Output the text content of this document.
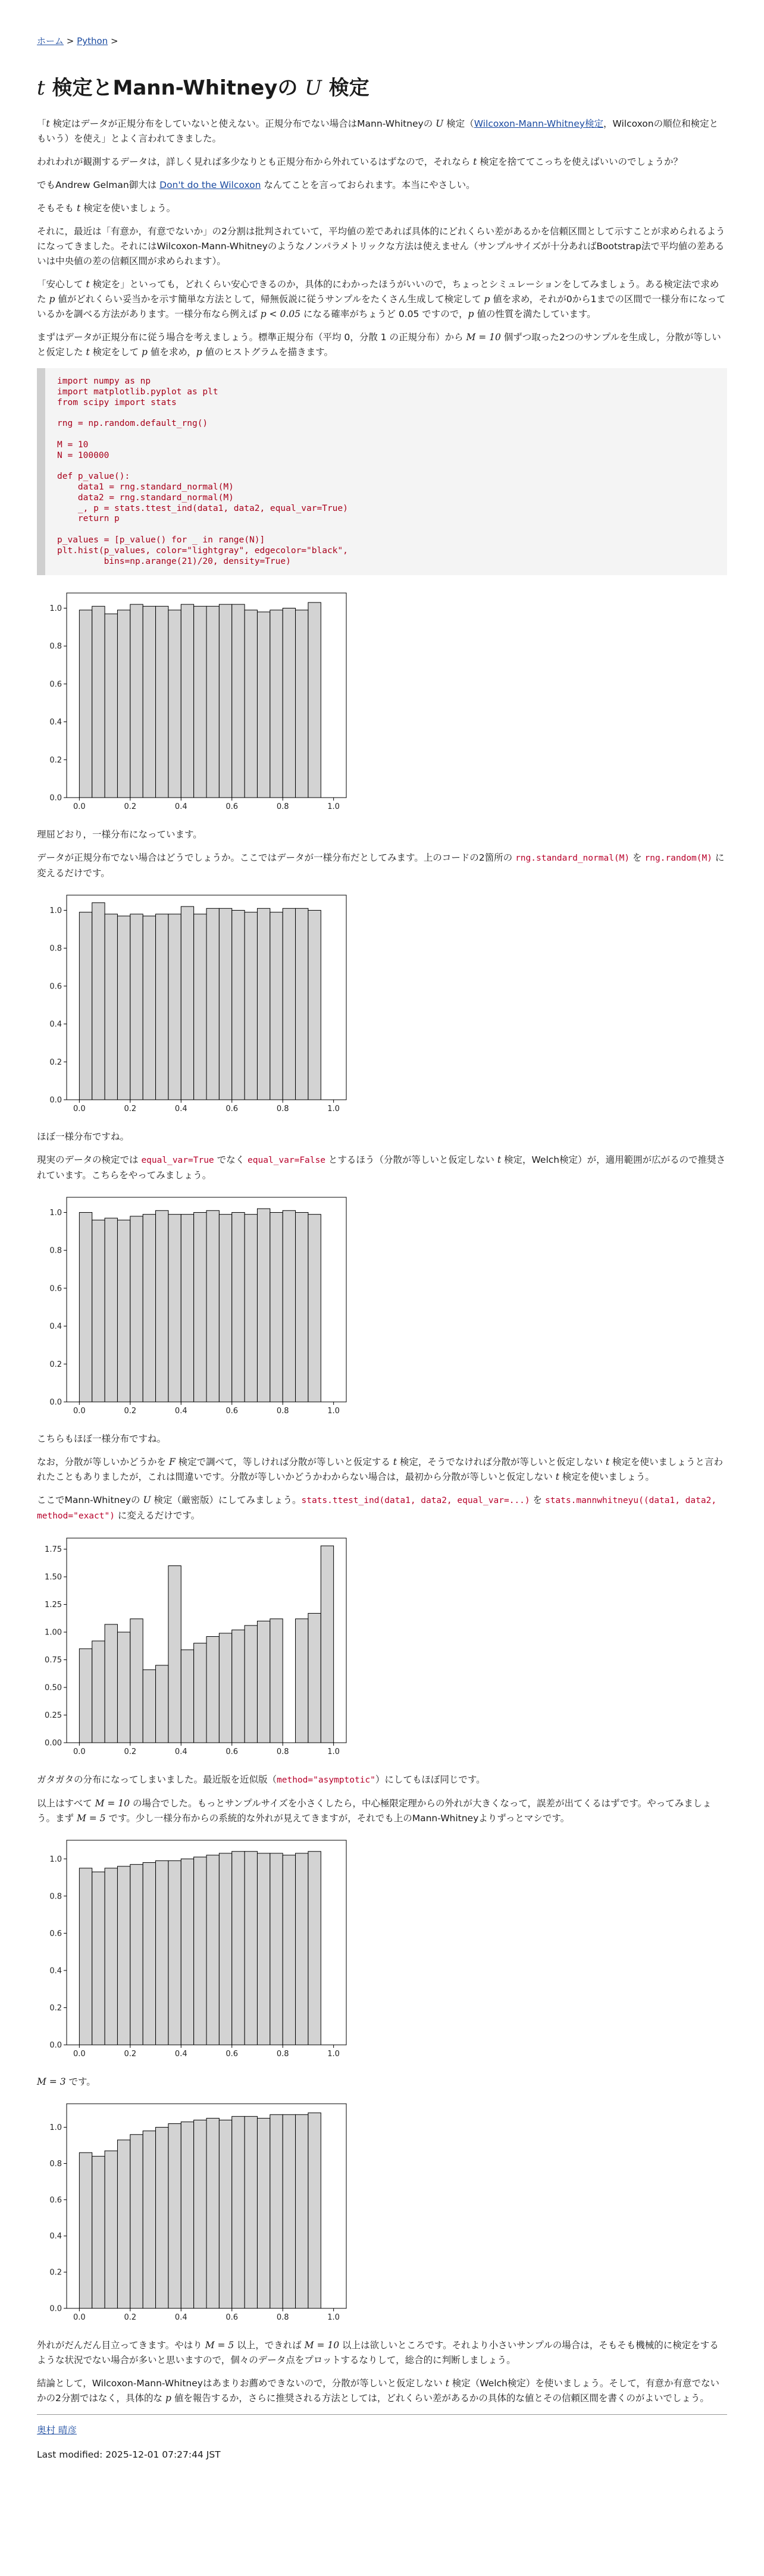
ホーム > Python >
t 検定とMann-Whitneyの U 検定

「t 検定はデータが正規分布をしていないと使えない。正規分布でない場合はMann-Whitneyの U 検定（Wilcoxon-Mann-Whitney検定，Wilcoxonの順位和検定ともいう）を使え」とよく言われてきました。

われわれが観測するデータは，詳しく見れば多少なりとも正規分布から外れているはずなので，それなら t 検定を捨ててこっちを使えばいいのでしょうか？

でもAndrew Gelman御大は Don't do the Wilcoxon なんてことを言っておられます。本当にやさしい。

そもそも t 検定を使いましょう。

それに，最近は「有意か，有意でないか」の2分割は批判されていて，平均値の差であれば具体的にどれくらい差があるかを信頼区間として示すことが求められるようになってきました。それにはWilcoxon-Mann-Whitneyのようなノンパラメトリックな方法は使えません（サンプルサイズが十分あればBootstrap法で平均値の差あるいは中央値の差の信頼区間が求められます）。

「安心して t 検定を」といっても，どれくらい安心できるのか，具体的にわかったほうがいいので，ちょっとシミュレーションをしてみましょう。ある検定法で求めた p 値がどれくらい妥当かを示す簡単な方法として，帰無仮説に従うサンプルをたくさん生成して検定して p 値を求め，それが0から1までの区間で一様分布になっているかを調べる方法があります。一様分布なら例えば p < 0.05 になる確率がちょうど 0.05 ですので，p 値の性質を満たしています。

まずはデータが正規分布に従う場合を考えましょう。標準正規分布（平均 0，分散 1 の正規分布）から M = 10 個ずつ取った2つのサンプルを生成し，分散が等しいと仮定した t 検定をして p 値を求め，p 値のヒストグラムを描きます。

import numpy as np
import matplotlib.pyplot as plt
from scipy import stats

rng = np.random.default_rng()

M = 10
N = 100000

def p_value():
data1 = rng.standard_normal(M)
data2 = rng.standard_normal(M)
_, p = stats.ttest_ind(data1, data2, equal_var=True)
return p

p_values = [p_value() for _ in range(N)]
plt.hist(p_values, color="lightgray", edgecolor="black",
bins=np.arange(21)/20, density=True)
0.0	0.2	0.4	0.6	0.8	1.0
0.0
0.2
0.4
0.6
0.8
1.0

理屈どおり，一様分布になっています。

データが正規分布でない場合はどうでしょうか。ここではデータが一様分布だとしてみます。上のコードの2箇所の rng.standard_normal(M) を rng.random(M) に変えるだけです。

0.0	0.2	0.4	0.6	0.8	1.0
0.0
0.2
0.4
0.6
0.8
1.0

ほぼ一様分布ですね。

現実のデータの検定では equal_var=True でなく equal_var=False とするほう（分散が等しいと仮定しない t 検定，Welch検定）が，適用範囲が広がるので推奨されています。こちらをやってみましょう。

0.0	0.2	0.4	0.6	0.8	1.0
0.0
0.2
0.4
0.6
0.8
1.0

こちらもほぼ一様分布ですね。

なお，分散が等しいかどうかを F 検定で調べて，等しければ分散が等しいと仮定する t 検定，そうでなければ分散が等しいと仮定しない t 検定を使いましょうと言われたこともありましたが，これは間違いです。分散が等しいかどうかわからない場合は，最初から分散が等しいと仮定しない t 検定を使いましょう。

ここでMann-Whitneyの U 検定（厳密版）にしてみましょう。stats.ttest_ind(data1, data2, equal_var=...) を stats.mannwhitneyu((data1, data2, method="exact") に変えるだけです。

0.0	0.2	0.4	0.6	0.8	1.0
0.00
0.25
0.50
0.75
1.00
1.25
1.50
1.75

ガタガタの分布になってしまいました。最近版を近似版（method="asymptotic"）にしてもほぼ同じです。

以上はすべて M = 10 の場合でした。もっとサンプルサイズを小さくしたら，中心極限定理からの外れが大きくなって，誤差が出てくるはずです。やってみましょう。まず M = 5 です。少し一様分布からの系統的な外れが見えてきますが，それでも上のMann-Whitneyよりずっとマシです。

0.0	0.2	0.4	0.6	0.8	1.0
0.0
0.2
0.4
0.6
0.8
1.0

M = 3 です。

0.0	0.2	0.4	0.6	0.8	1.0
0.0
0.2
0.4
0.6
0.8
1.0

外れがだんだん目立ってきます。やはり M = 5 以上，できれば M = 10 以上は欲しいところです。それより小さいサンプルの場合は，そもそも機械的に検定をするような状況でない場合が多いと思いますので，個々のデータ点をプロットするなりして，総合的に判断しましょう。

結論として，Wilcoxon-Mann-Whitneyはあまりお薦めできないので，分散が等しいと仮定しない t 検定（Welch検定）を使いましょう。そして，有意か有意でないかの2分割ではなく，具体的な p 値を報告するか，さらに推奨される方法としては，どれくらい差があるかの具体的な値とその信頼区間を書くのがよいでしょう。

奥村 晴彦

Last modified: 2025-12-01 07:27:44 JST
